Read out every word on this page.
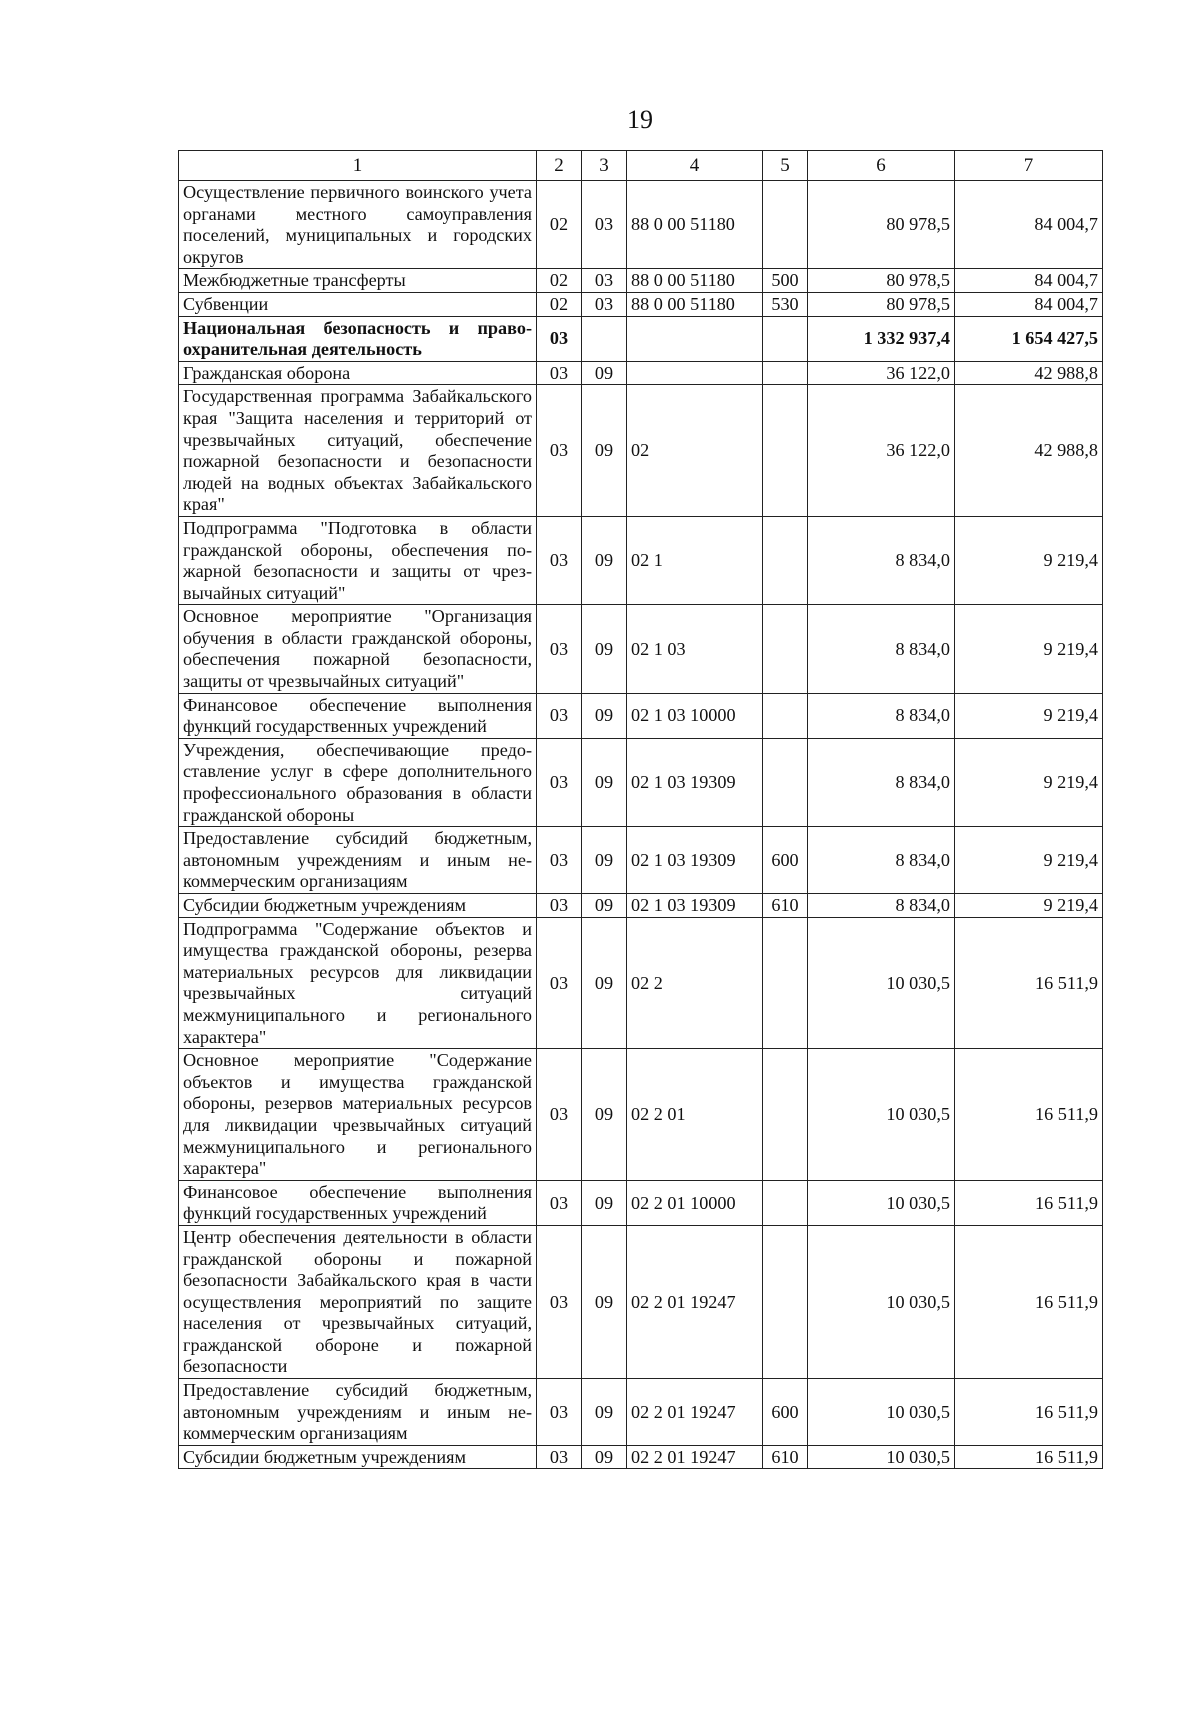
19
1	2	3	4	5	6	7
Осуществление первичного воинского учета органами местного самоуправления поселений, муниципальных и городских округов	02	03	88 0 00 51180		80 978,5	84 004,7
Межбюджетные трансферты	02	03	88 0 00 51180	500	80 978,5	84 004,7
Субвенции	02	03	88 0 00 51180	530	80 978,5	84 004,7
Национальная безопасность и правоохранительная деятельность	03				1 332 937,4	1 654 427,5
Гражданская оборона	03	09			36 122,0	42 988,8
Государственная программа Забайкальского края "Защита населения и территорий от чрезвычайных ситуаций, обеспечение пожарной безопасности и безопасности людей на водных объектах Забайкальского края"	03	09	02		36 122,0	42 988,8
Подпрограмма "Подготовка в области гражданской обороны, обеспечения пожарной безопасности и защиты от чрезвычайных ситуаций"	03	09	02 1		8 834,0	9 219,4
Основное мероприятие "Организация обучения в области гражданской обороны, обеспечения пожарной безопасности, защиты от чрезвычайных ситуаций"	03	09	02 1 03		8 834,0	9 219,4
Финансовое обеспечение выполнения функций государственных учреждений	03	09	02 1 03 10000		8 834,0	9 219,4
Учреждения, обеспечивающие предоставление услуг в сфере дополнительного профессионального образования в области гражданской обороны	03	09	02 1 03 19309		8 834,0	9 219,4
Предоставление субсидий бюджетным, автономным учреждениям и иным некоммерческим организациям	03	09	02 1 03 19309	600	8 834,0	9 219,4
Субсидии бюджетным учреждениям	03	09	02 1 03 19309	610	8 834,0	9 219,4
Подпрограмма "Содержание объектов и имущества гражданской обороны, резерва материальных ресурсов для ликвидации чрезвычайных ситуаций межмуниципального и регионального характера"	03	09	02 2		10 030,5	16 511,9
Основное мероприятие "Содержание объектов и имущества гражданской обороны, резервов материальных ресурсов для ликвидации чрезвычайных ситуаций межмуниципального и регионального характера"	03	09	02 2 01		10 030,5	16 511,9
Финансовое обеспечение выполнения функций государственных учреждений	03	09	02 2 01 10000		10 030,5	16 511,9
Центр обеспечения деятельности в области гражданской обороны и пожарной безопасности Забайкальского края в части осуществления мероприятий по защите населения от чрезвычайных ситуаций, гражданской обороне и пожарной безопасности	03	09	02 2 01 19247		10 030,5	16 511,9
Предоставление субсидий бюджетным, автономным учреждениям и иным некоммерческим организациям	03	09	02 2 01 19247	600	10 030,5	16 511,9
Субсидии бюджетным учреждениям	03	09	02 2 01 19247	610	10 030,5	16 511,9
